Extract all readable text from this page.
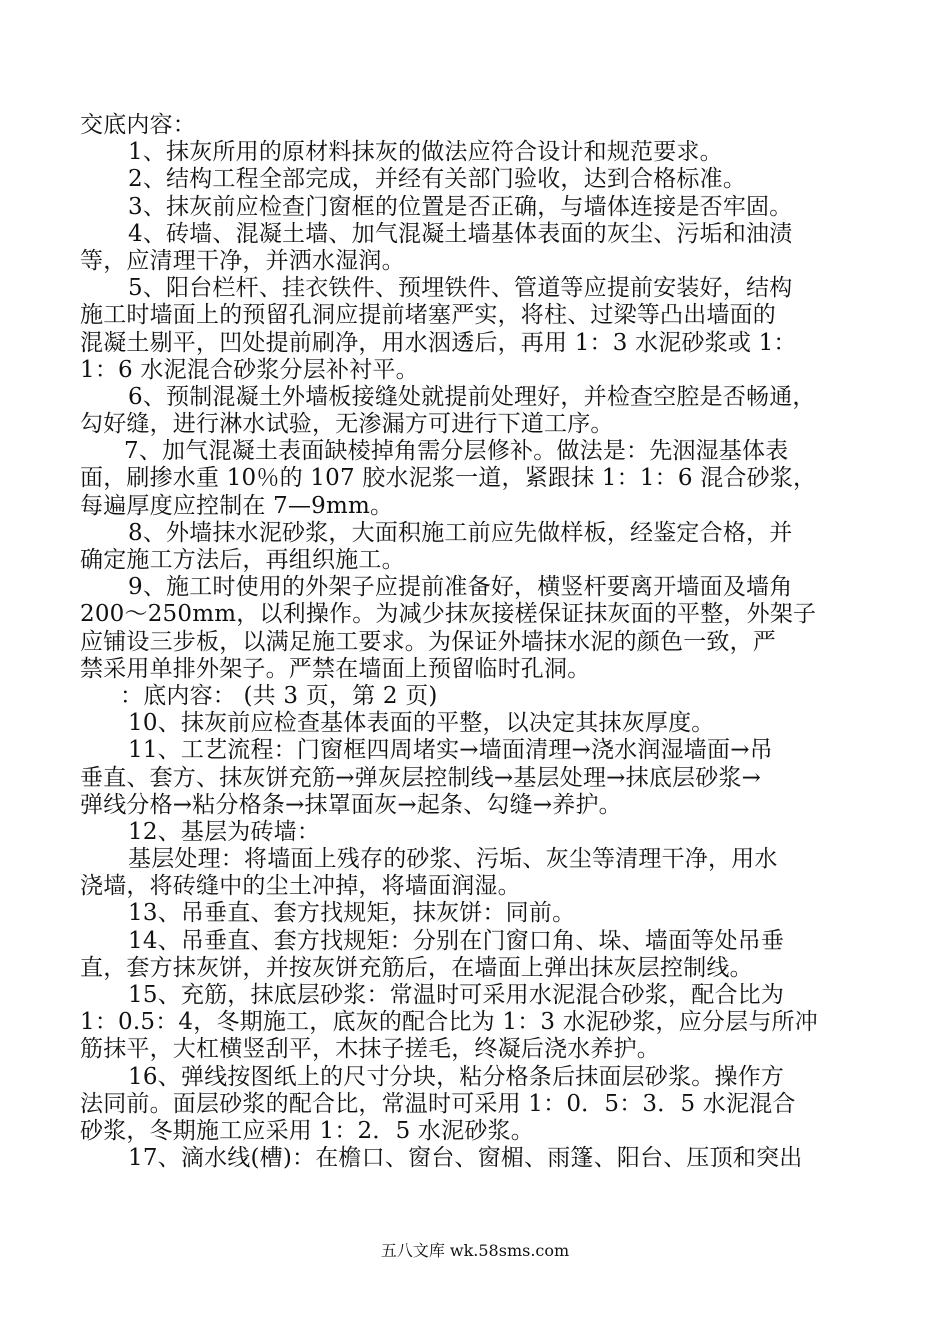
交底内容：
1、抹灰所用的原材料抹灰的做法应符合设计和规范要求。
2、结构工程全部完成，并经有关部门验收，达到合格标准。
3、抹灰前应检查门窗框的位置是否正确，与墙体连接是否牢固。
4、砖墙、混凝土墙、加气混凝土墙基体表面的灰尘、污垢和油渍
等，应清理干净，并洒水湿润。
5、阳台栏杆、挂衣铁件、预埋铁件、管道等应提前安装好，结构
施工时墙面上的预留孔洞应提前堵塞严实，将柱、过梁等凸出墙面的
混凝土剔平，凹处提前刷净，用水洇透后，再用 1：3 水泥砂浆或 1：
1：6 水泥混合砂浆分层补衬平。
6、预制混凝土外墙板接缝处就提前处理好，并检查空腔是否畅通，
勾好缝，进行淋水试验，无渗漏方可进行下道工序。
7、加气混凝土表面缺棱掉角需分层修补。做法是：先洇湿基体表
面，刷掺水重 10％的 107 胶水泥浆一道，紧跟抹 1：1：6 混合砂浆，
每遍厚度应控制在 7—9mm。
8、外墙抹水泥砂浆，大面积施工前应先做样板，经鉴定合格，并
确定施工方法后，再组织施工。
9、施工时使用的外架子应提前准备好，横竖杆要离开墙面及墙角
200～250mm，以利操作。为减少抹灰接槎保证抹灰面的平整，外架子
应铺设三步板，以满足施工要求。为保证外墙抹水泥的颜色一致，严
禁采用单排外架子。严禁在墙面上预留临时孔洞。
：底内容： (共 3 页，第 2 页)
10、抹灰前应检查基体表面的平整，以决定其抹灰厚度。
11、工艺流程：门窗框四周堵实→墙面清理→浇水润湿墙面→吊
垂直、套方、抹灰饼充筋→弹灰层控制线→基层处理→抹底层砂浆→
弹线分格→粘分格条→抹罩面灰→起条、勾缝→养护。
12、基层为砖墙：
基层处理：将墙面上残存的砂浆、污垢、灰尘等清理干净，用水
浇墙，将砖缝中的尘土冲掉，将墙面润湿。
13、吊垂直、套方找规矩，抹灰饼：同前。
14、吊垂直、套方找规矩：分别在门窗口角、垛、墙面等处吊垂
直，套方抹灰饼，并按灰饼充筋后，在墙面上弹出抹灰层控制线。
15、充筋，抹底层砂浆：常温时可采用水泥混合砂浆，配合比为
1：0.5：4，冬期施工，底灰的配合比为 1：3 水泥砂浆，应分层与所冲
筋抹平，大杠横竖刮平，木抹子搓毛，终凝后浇水养护。
16、弹线按图纸上的尺寸分块，粘分格条后抹面层砂浆。操作方
法同前。面层砂浆的配合比，常温时可采用 1：0．5：3．5 水泥混合
砂浆，冬期施工应采用 1：2．5 水泥砂浆。
17、滴水线(槽)：在檐口、窗台、窗楣、雨篷、阳台、压顶和突出
五八文库 wk.58sms.com
